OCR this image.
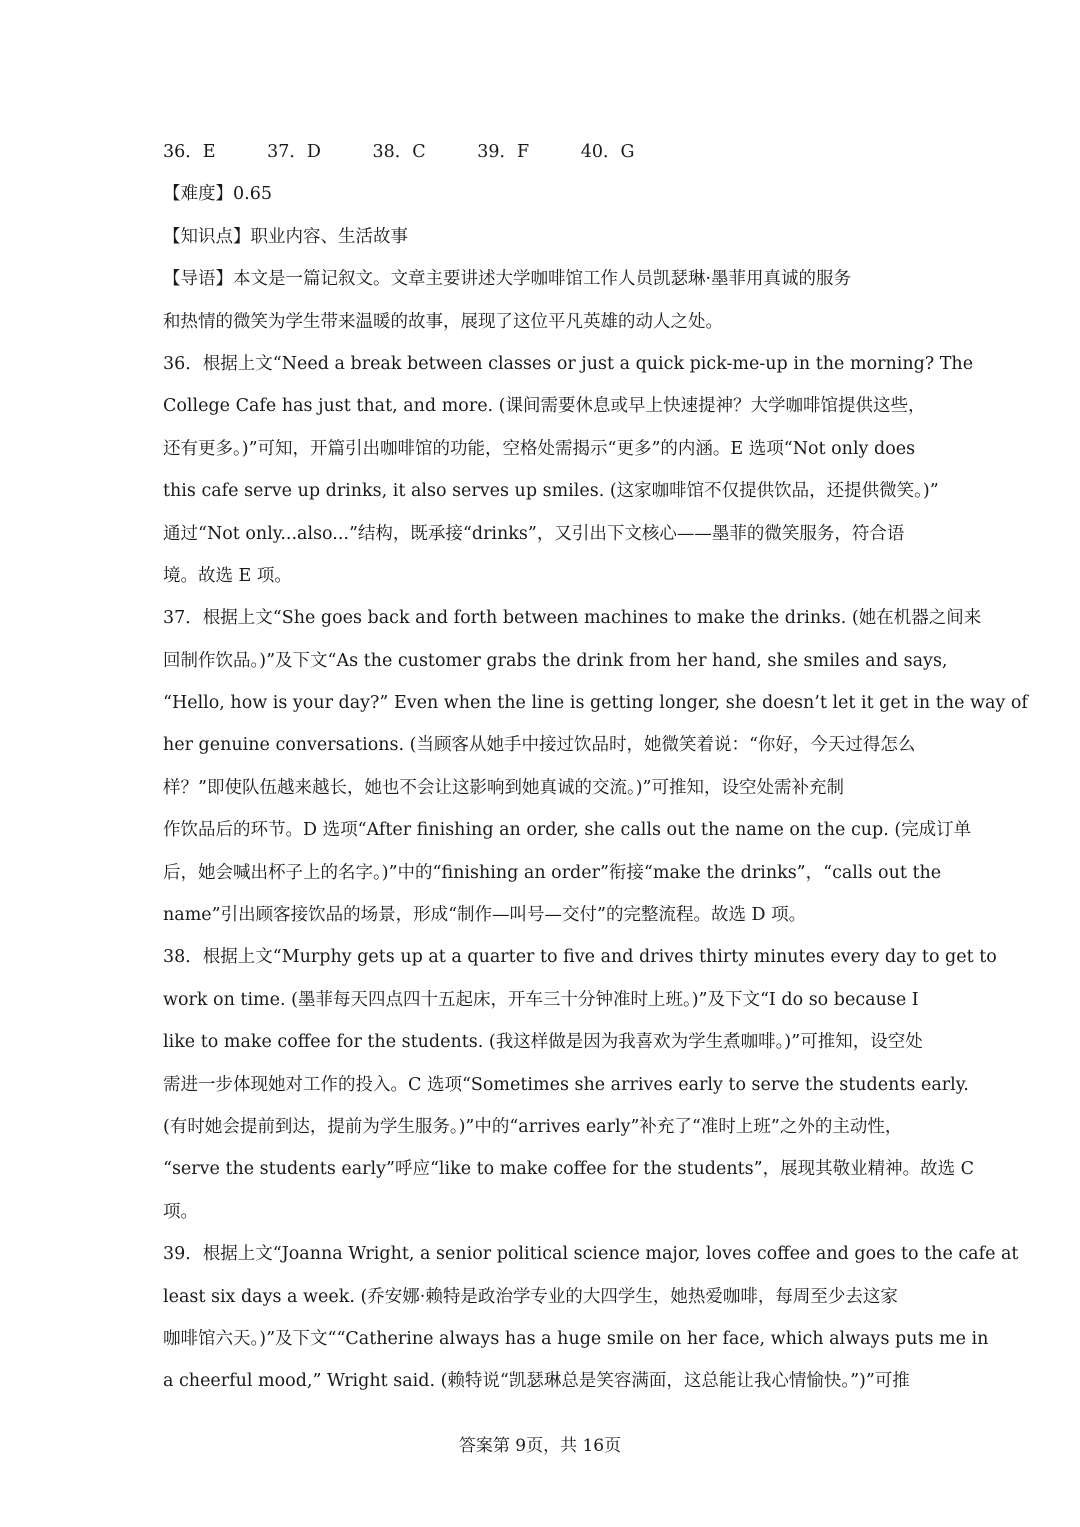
36．E	37．D	38．C	39．F	40．G
【难度】0.65
【知识点】职业内容、生活故事
【导语】本文是一篇记叙文。文章主要讲述大学咖啡馆工作人员凯瑟琳·墨菲用真诚的服务
和热情的微笑为学生带来温暖的故事，展现了这位平凡英雄的动人之处。
36．根据上文“Need a break between classes or just a quick pick-me-up in the morning? The
College Cafe has just that, and more. (课间需要休息或早上快速提神？大学咖啡馆提供这些，
还有更多。)”可知，开篇引出咖啡馆的功能，空格处需揭示“更多”的内涵。E 选项“Not only does
this cafe serve up drinks, it also serves up smiles. (这家咖啡馆不仅提供饮品，还提供微笑。)”
通过“Not only...also...”结构，既承接“drinks”，又引出下文核心——墨菲的微笑服务，符合语
境。故选 E 项。
37．根据上文“She goes back and forth between machines to make the drinks. (她在机器之间来
回制作饮品。)”及下文“As the customer grabs the drink from her hand, she smiles and says,
“Hello, how is your day?” Even when the line is getting longer, she doesn’t let it get in the way of
her genuine conversations. (当顾客从她手中接过饮品时，她微笑着说：“你好，今天过得怎么
样？”即使队伍越来越长，她也不会让这影响到她真诚的交流。)”可推知，设空处需补充制
作饮品后的环节。D 选项“After finishing an order, she calls out the name on the cup. (完成订单
后，她会喊出杯子上的名字。)”中的“finishing an order”衔接“make the drinks”，“calls out the
name”引出顾客接饮品的场景，形成“制作—叫号—交付”的完整流程。故选 D 项。
38．根据上文“Murphy gets up at a quarter to five and drives thirty minutes every day to get to
work on time. (墨菲每天四点四十五起床，开车三十分钟准时上班。)”及下文“I do so because I
like to make coffee for the students. (我这样做是因为我喜欢为学生煮咖啡。)”可推知，设空处
需进一步体现她对工作的投入。C 选项“Sometimes she arrives early to serve the students early.
(有时她会提前到达，提前为学生服务。)”中的“arrives early”补充了“准时上班”之外的主动性，
“serve the students early”呼应“like to make coffee for the students”，展现其敬业精神。故选 C
项。
39．根据上文“Joanna Wright, a senior political science major, loves coffee and goes to the cafe at
least six days a week. (乔安娜·赖特是政治学专业的大四学生，她热爱咖啡，每周至少去这家
咖啡馆六天。)”及下文““Catherine always has a huge smile on her face, which always puts me in
a cheerful mood,” Wright said. (赖特说“凯瑟琳总是笑容满面，这总能让我心情愉快。”)”可推
答案第 9页，共 16页
